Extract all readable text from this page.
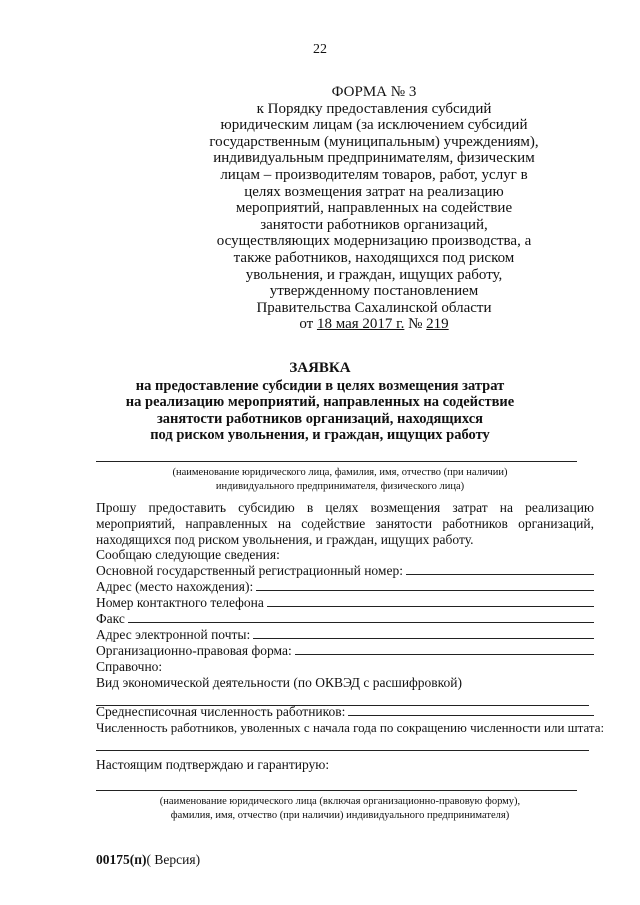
22
ФОРМА № 3
к Порядку предоставления субсидий
юридическим лицам (за исключением субсидий
государственным (муниципальным) учреждениям),
индивидуальным предпринимателям, физическим
лицам – производителям товаров, работ, услуг в
целях возмещения затрат на реализацию
мероприятий, направленных на содействие
занятости работников организаций,
осуществляющих модернизацию производства, а
также работников, находящихся под риском
увольнения, и граждан, ищущих работу,
утвержденному постановлением
Правительства Сахалинской области
от 18 мая 2017 г. № 219
ЗАЯВКА
на предоставление субсидии в целях возмещения затрат
на реализацию мероприятий, направленных на содействие
занятости работников организаций, находящихся
под риском увольнения, и граждан, ищущих работу
(наименование юридического лица, фамилия, имя, отчество (при наличии)
индивидуального предпринимателя, физического лица)
Прошу предоставить субсидию в целях возмещения затрат на реализацию мероприятий, направленных на содействие занятости работников организаций, находящихся под риском увольнения, и граждан, ищущих работу.
Сообщаю следующие сведения:
Основной государственный регистрационный номер:
Адрес (место нахождения):
Номер контактного телефона
Факс
Адрес электронной почты:
Организационно-правовая форма:
Справочно:
Вид экономической деятельности (по ОКВЭД с расшифровкой)
Среднесписочная численность работников:
Численность работников, уволенных с начала года по сокращению численности или штата:
Настоящим подтверждаю и гарантирую:
(наименование юридического лица (включая организационно-правовую форму),
фамилия, имя, отчество (при наличии) индивидуального предпринимателя)
00175(п)( Версия)
